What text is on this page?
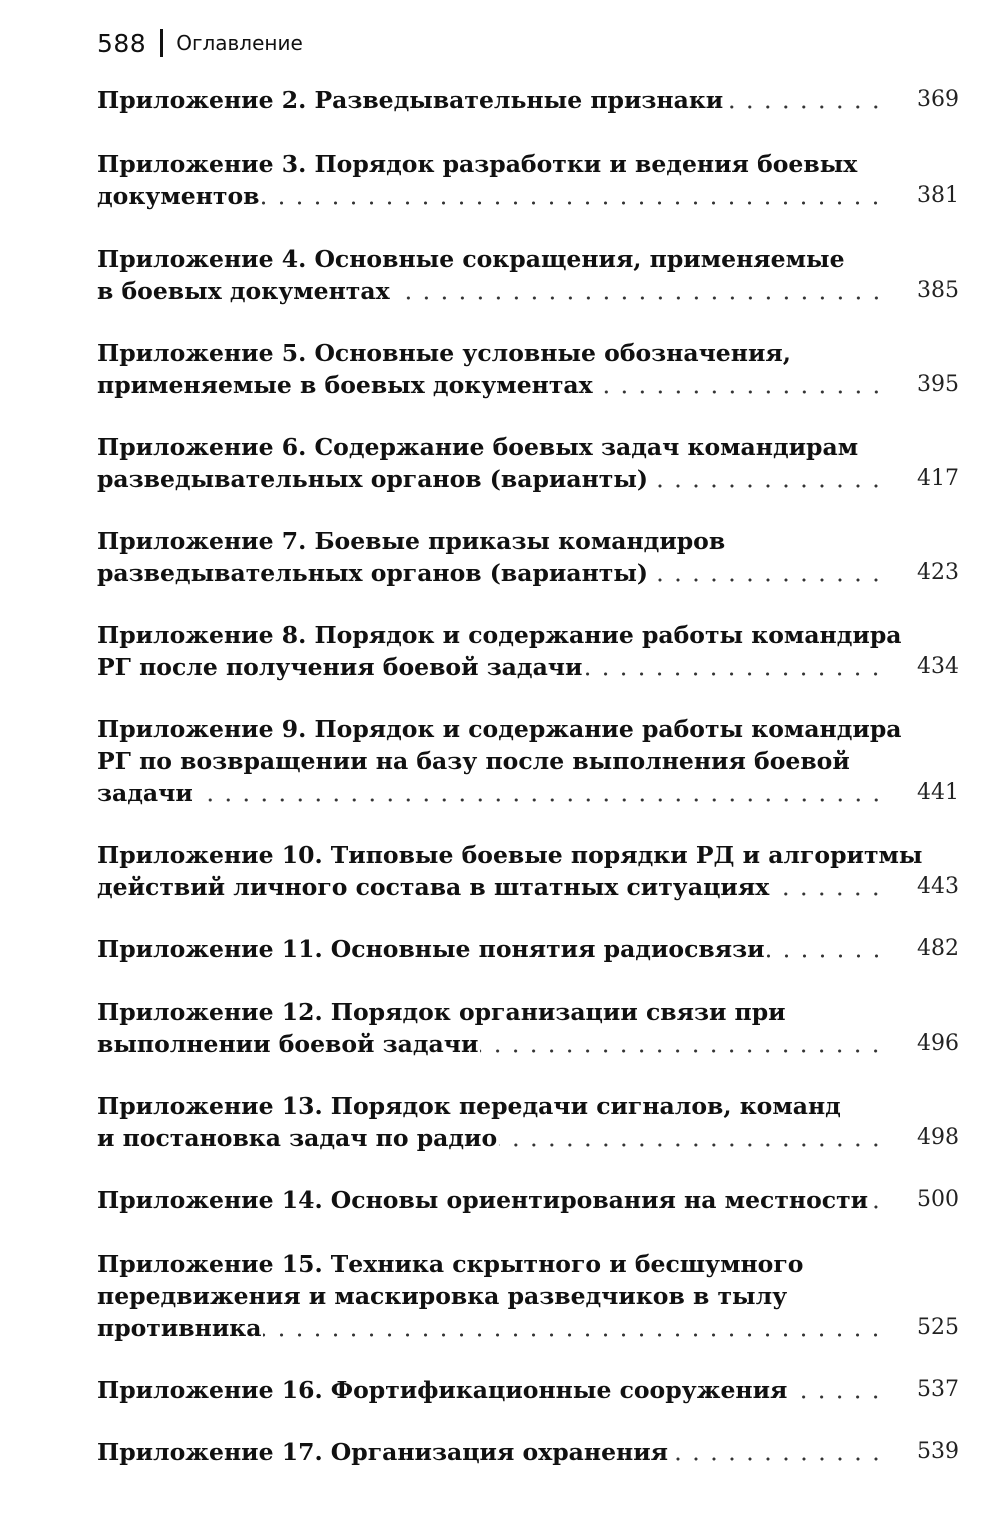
588 Оглавление
Приложение 2. Разведывательные признаки	369
Приложение 3. Порядок разработки и ведения боевых
документов	381
Приложение 4. Основные сокращения, применяемые
в боевых документах	385
Приложение 5. Основные условные обозначения,
применяемые в боевых документах	395
Приложение 6. Содержание боевых задач командирам
разведывательных органов (варианты)	417
Приложение 7. Боевые приказы командиров
разведывательных органов (варианты)	423
Приложение 8. Порядок и содержание работы командира
РГ после получения боевой задачи	434
Приложение 9. Порядок и содержание работы командира
РГ по возвращении на базу после выполнения боевой
задачи	441
Приложение 10. Типовые боевые порядки РД и алгоритмы
действий личного состава в штатных ситуациях	443
Приложение 11. Основные понятия радиосвязи	482
Приложение 12. Порядок организации связи при
выполнении боевой задачи	496
Приложение 13. Порядок передачи сигналов, команд
и постановка задач по радио	498
Приложение 14. Основы ориентирования на местности	500
Приложение 15. Техника скрытного и бесшумного
передвижения и маскировка разведчиков в тылу
противника	525
Приложение 16. Фортификационные сооружения	537
Приложение 17. Организация охранения	539
